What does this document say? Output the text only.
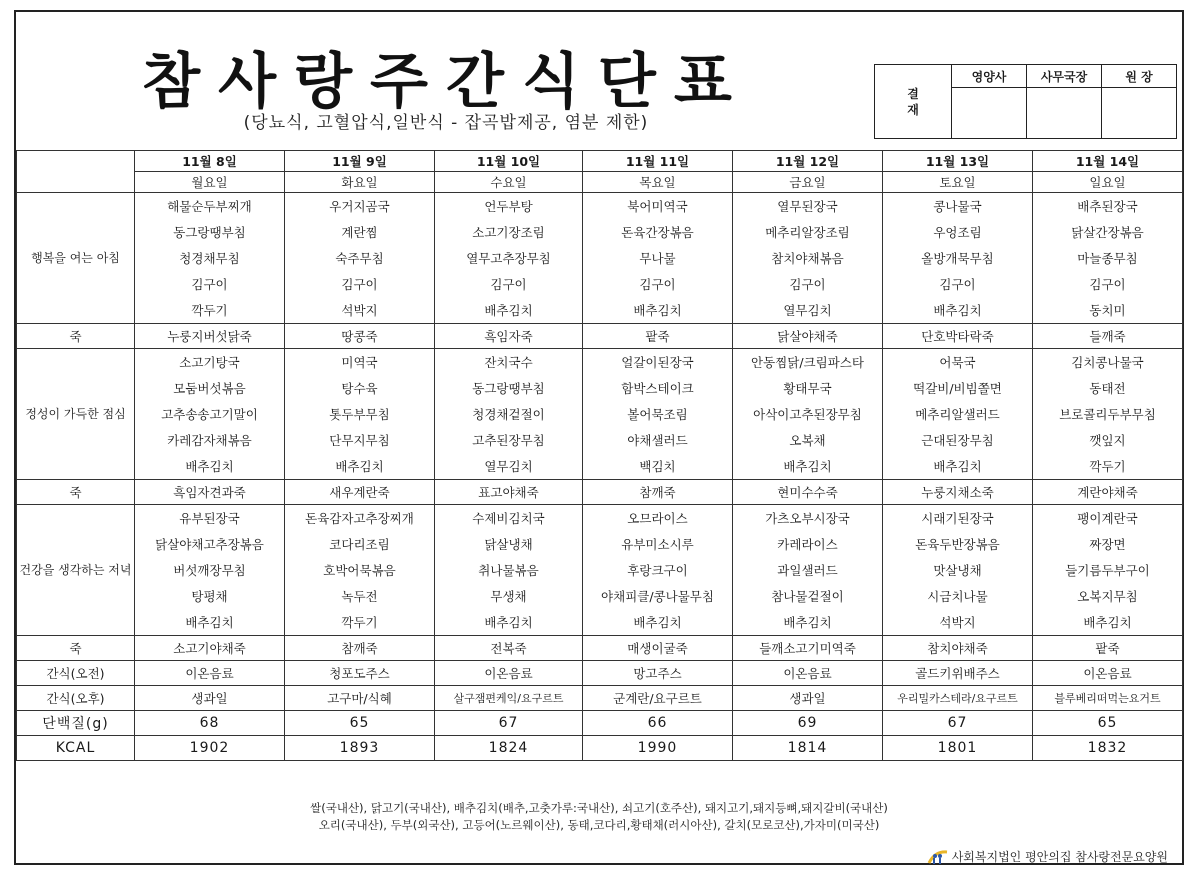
참사랑주간식단표
(당뇨식, 고혈압식,일반식 - 잡곡밥제공, 염분 제한)
결
재	영양사	사무국장	원 장

	11월 8일	11월 9일	11월 10일	11월 11일	11월 12일	11월 13일	11월 14일
	월요일	화요일	수요일	목요일	금요일	토요일	일요일
행복을 여는 아침	해물순두부찌개	우거지곰국	언두부탕	북어미역국	열무된장국	콩나물국	배추된장국
	동그랑땡부침	계란찜	소고기장조림	돈육간장볶음	메추리알장조림	우엉조림	닭살간장볶음
	청경채무침	숙주무침	열무고추장무침	무나물	참치야채볶음	올방개묵무침	마늘종무침
	김구이	김구이	김구이	김구이	김구이	김구이	김구이
	깍두기	석박지	배추김치	배추김치	열무김치	배추김치	동치미
죽	누룽지버섯닭죽	땅콩죽	흑임자죽	팥죽	닭살야채죽	단호박타락죽	들깨죽
정성이 가득한 점심	소고기탕국	미역국	잔치국수	얼갈이된장국	안동찜닭/크림파스타	어묵국	김치콩나물국
	모둠버섯볶음	탕수육	동그랑땡부침	함박스테이크	황태무국	떡갈비/비빔쫄면	동태전
	고추송송고기말이	톳두부무침	청경채겉절이	볼어묵조림	아삭이고추된장무침	메추리알샐러드	브로콜리두부무침
	카레감자채볶음	단무지무침	고추된장무침	야채샐러드	오복채	근대된장무침	깻잎지
	배추김치	배추김치	열무김치	백김치	배추김치	배추김치	깍두기
죽	흑임자견과죽	새우계란죽	표고야채죽	참깨죽	현미수수죽	누룽지채소죽	계란야채죽
건강을 생각하는 저녁	유부된장국	돈육감자고추장찌개	수제비김치국	오므라이스	가츠오부시장국	시래기된장국	팽이계란국
	닭살야채고추장볶음	코다리조림	닭살냉채	유부미소시루	카레라이스	돈육두반장볶음	짜장면
	버섯깨장무침	호박어묵볶음	취나물볶음	후랑크구이	과일샐러드	맛살냉채	들기름두부구이
	탕평채	녹두전	무생채	야채피클/콩나물무침	참나물겉절이	시금치나물	오복지무침
	배추김치	깍두기	배추김치	배추김치	배추김치	석박지	배추김치
죽	소고기야채죽	참깨죽	전복죽	매생이굴죽	들깨소고기미역죽	참치야채죽	팥죽
간식(오전)	이온음료	청포도주스	이온음료	망고주스	이온음료	골드키위배주스	이온음료
간식(오후)	생과일	고구마/식혜	살구잼편케익/요구르트	군계란/요구르트	생과일	우리밀카스테라/요구르트	블루베리떠먹는요거트
단백질(g)	68	65	67	66	69	67	65
KCAL	1902	1893	1824	1990	1814	1801	1832
쌀(국내산), 닭고기(국내산), 배추김치(배추,고춧가루:국내산), 쇠고기(호주산), 돼지고기,돼지등뼈,돼지갈비(국내산)
오리(국내산), 두부(외국산), 고등어(노르웨이산), 동태,코다리,황태채(러시아산), 갈치(모로코산),가자미(미국산)
사회복지법인 평안의집 참사랑전문요양원
